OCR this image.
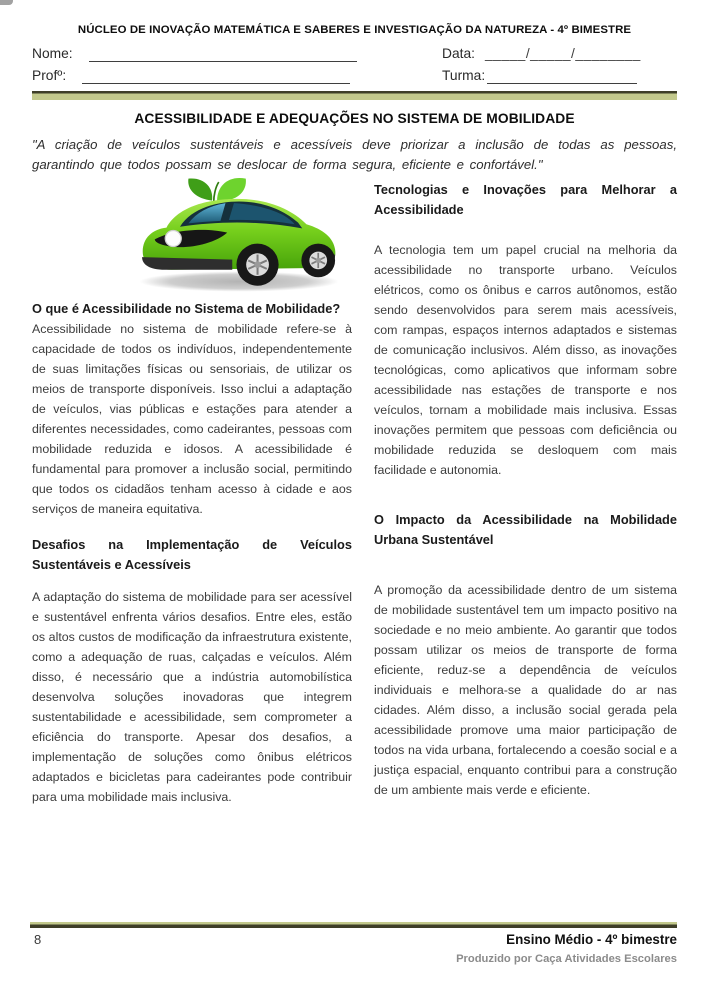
NÚCLEO DE INOVAÇÃO MATEMÁTICA E SABERES E INVESTIGAÇÃO DA NATUREZA - 4º BIMESTRE
Nome:	Data: _____/_____/________
Profº:	Turma:
ACESSIBILIDADE E ADEQUAÇÕES NO SISTEMA DE MOBILIDADE

"A criação de veículos sustentáveis e acessíveis deve priorizar a inclusão de todas as pessoas, garantindo que todos possam se deslocar de forma segura, eficiente e confortável."

O que é Acessibilidade no Sistema de Mobilidade?

Acessibilidade no sistema de mobilidade refere-se à capacidade de todos os indivíduos, independentemente de suas limitações físicas ou sensoriais, de utilizar os meios de transporte disponíveis. Isso inclui a adaptação de veículos, vias públicas e estações para atender a diferentes necessidades, como cadeirantes, pessoas com mobilidade reduzida e idosos. A acessibilidade é fundamental para promover a inclusão social, permitindo que todos os cidadãos tenham acesso à cidade e aos serviços de maneira equitativa.

Desafios na Implementação de Veículos Sustentáveis e Acessíveis

A adaptação do sistema de mobilidade para ser acessível e sustentável enfrenta vários desafios. Entre eles, estão os altos custos de modificação da infraestrutura existente, como a adequação de ruas, calçadas e veículos. Além disso, é necessário que a indústria automobilística desenvolva soluções inovadoras que integrem sustentabilidade e acessibilidade, sem comprometer a eficiência do transporte. Apesar dos desafios, a implementação de soluções como ônibus elétricos adaptados e bicicletas para cadeirantes pode contribuir para uma mobilidade mais inclusiva.

Tecnologias e Inovações para Melhorar a Acessibilidade

A tecnologia tem um papel crucial na melhoria da acessibilidade no transporte urbano. Veículos elétricos, como os ônibus e carros autônomos, estão sendo desenvolvidos para serem mais acessíveis, com rampas, espaços internos adaptados e sistemas de comunicação inclusivos. Além disso, as inovações tecnológicas, como aplicativos que informam sobre acessibilidade nas estações de transporte e nos veículos, tornam a mobilidade mais inclusiva. Essas inovações permitem que pessoas com deficiência ou mobilidade reduzida se desloquem com mais facilidade e autonomia.

O Impacto da Acessibilidade na Mobilidade Urbana Sustentável

A promoção da acessibilidade dentro de um sistema de mobilidade sustentável tem um impacto positivo na sociedade e no meio ambiente. Ao garantir que todos possam utilizar os meios de transporte de forma eficiente, reduz-se a dependência de veículos individuais e melhora-se a qualidade do ar nas cidades. Além disso, a inclusão social gerada pela acessibilidade promove uma maior participação de todos na vida urbana, fortalecendo a coesão social e a justiça espacial, enquanto contribui para a construção de um ambiente mais verde e eficiente.

8	Ensino Médio - 4º bimestre
Produzido por Caça Atividades Escolares
